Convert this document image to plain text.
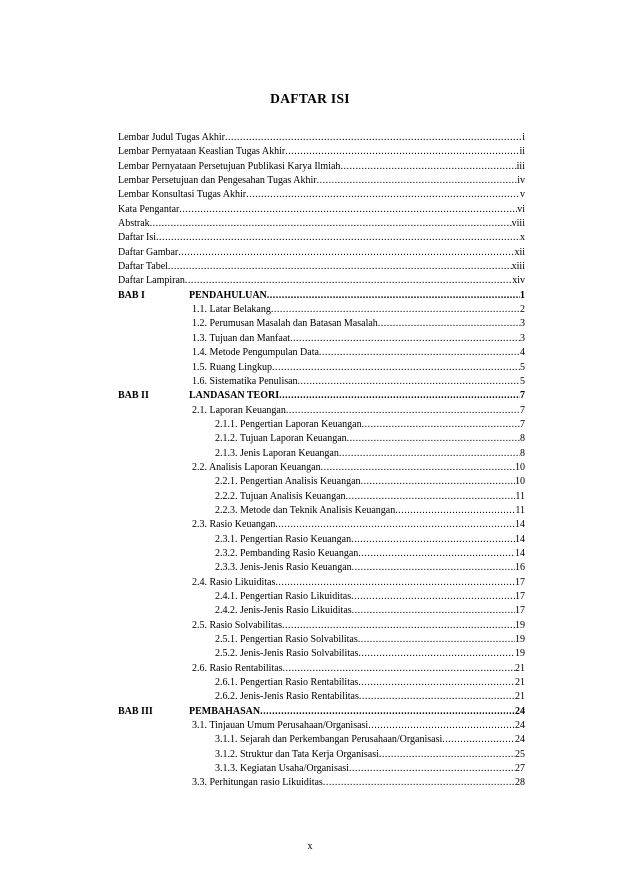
DAFTAR ISI
Lembar Judul Tugas Akhir .....	i
Lembar Pernyataan Keaslian Tugas Akhir .....	ii
Lembar Pernyataan Persetujuan Publikasi Karya Ilmiah .....	iii
Lembar Persetujuan dan Pengesahan Tugas Akhir .....	iv
Lembar Konsultasi Tugas Akhir .....	v
Kata Pengantar .....	vi
Abstrak .....	viii
Daftar Isi .....	x
Daftar Gambar .....	xii
Daftar Tabel .....	xiii
Daftar Lampiran .....	xiv
BAB I	PENDAHULUAN .....	1
1.1. Latar Belakang .....	2
1.2. Perumusan Masalah dan Batasan Masalah .....	3
1.3. Tujuan dan Manfaat .....	3
1.4. Metode Pengumpulan Data .....	4
1.5. Ruang Lingkup .....	5
1.6. Sistematika Penulisan .....	5
BAB II	LANDASAN TEORI .....	7
2.1. Laporan Keuangan .....	7
2.1.1. Pengertian Laporan Keuangan .....	7
2.1.2. Tujuan Laporan Keuangan .....	8
2.1.3. Jenis Laporan Keuangan .....	8
2.2. Analisis Laporan Keuangan .....	10
2.2.1. Pengertian Analisis Keuangan .....	10
2.2.2. Tujuan Analisis Keuangan .....	11
2.2.3. Metode dan Teknik Analisis Keuangan .....	11
2.3. Rasio Keuangan .....	14
2.3.1. Pengertian Rasio Keuangan .....	14
2.3.2. Pembanding Rasio Keuangan .....	14
2.3.3. Jenis-Jenis Rasio Keuangan .....	16
2.4. Rasio Likuiditas .....	17
2.4.1. Pengertian Rasio Likuiditas .....	17
2.4.2. Jenis-Jenis Rasio Likuiditas .....	17
2.5. Rasio Solvabilitas .....	19
2.5.1. Pengertian Rasio Solvabilitas .....	19
2.5.2. Jenis-Jenis Rasio Solvabilitas .....	19
2.6. Rasio Rentabilitas .....	21
2.6.1. Pengertian Rasio Rentabilitas .....	21
2.6.2. Jenis-Jenis Rasio Rentabilitas .....	21
BAB III	PEMBAHASAN .....	24
3.1. Tinjauan Umum Perusahaan/Organisasi .....	24
3.1.1. Sejarah dan Perkembangan Perusahaan/Organisasi .....	24
3.1.2. Struktur dan Tata Kerja Organisasi .....	25
3.1.3. Kegiatan Usaha/Organisasi .....	27
3.3. Perhitungan rasio Likuiditas .....	28
x
